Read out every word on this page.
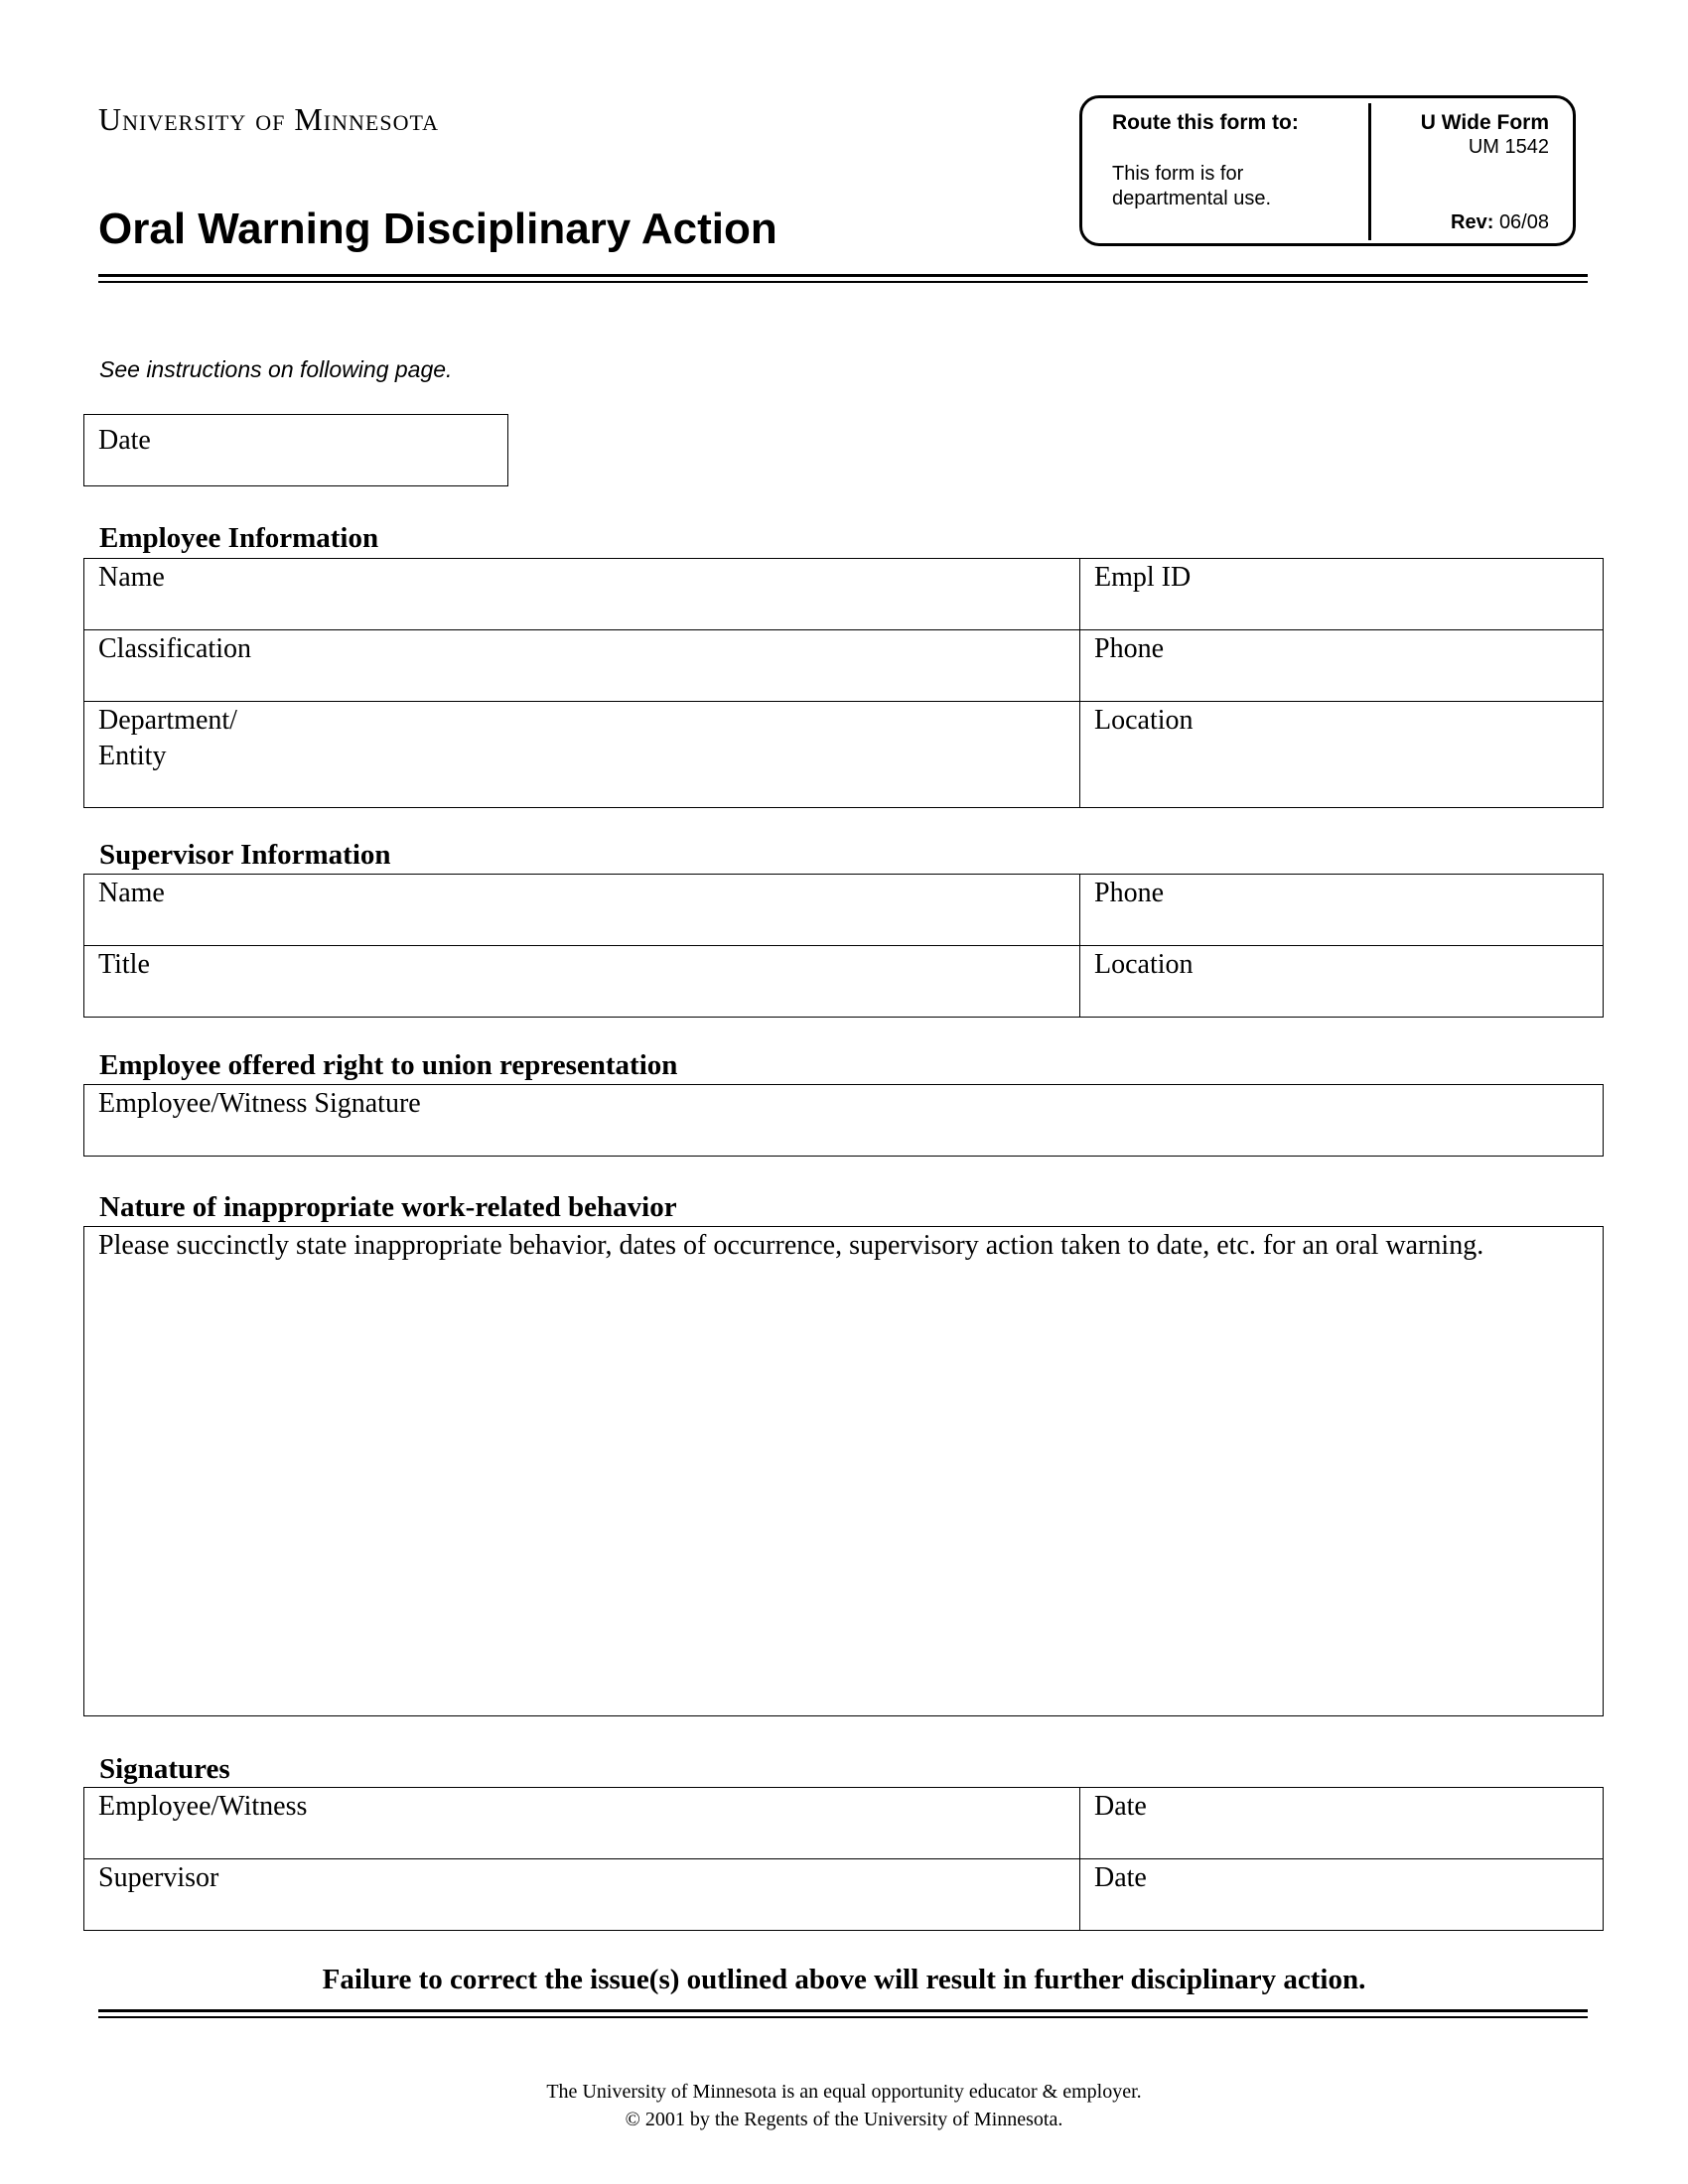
University of Minnesota
Oral Warning Disciplinary Action
Route this form to:
This form is for departmental use.
U Wide Form
UM 1542
Rev: 06/08
See instructions on following page.
Date
Employee Information
Name	Empl ID

Classification	Phone

Department/
Entity	Location
Supervisor Information
Name	Phone

Title	Location
Employee offered right to union representation
Employee/Witness Signature
Nature of inappropriate work-related behavior
Please succinctly state inappropriate behavior, dates of occurrence, supervisory action taken to date, etc. for an oral warning.
Signatures
Employee/Witness	Date

Supervisor	Date
Failure to correct the issue(s) outlined above will result in further disciplinary action.
The University of Minnesota is an equal opportunity educator & employer.
© 2001 by the Regents of the University of Minnesota.
